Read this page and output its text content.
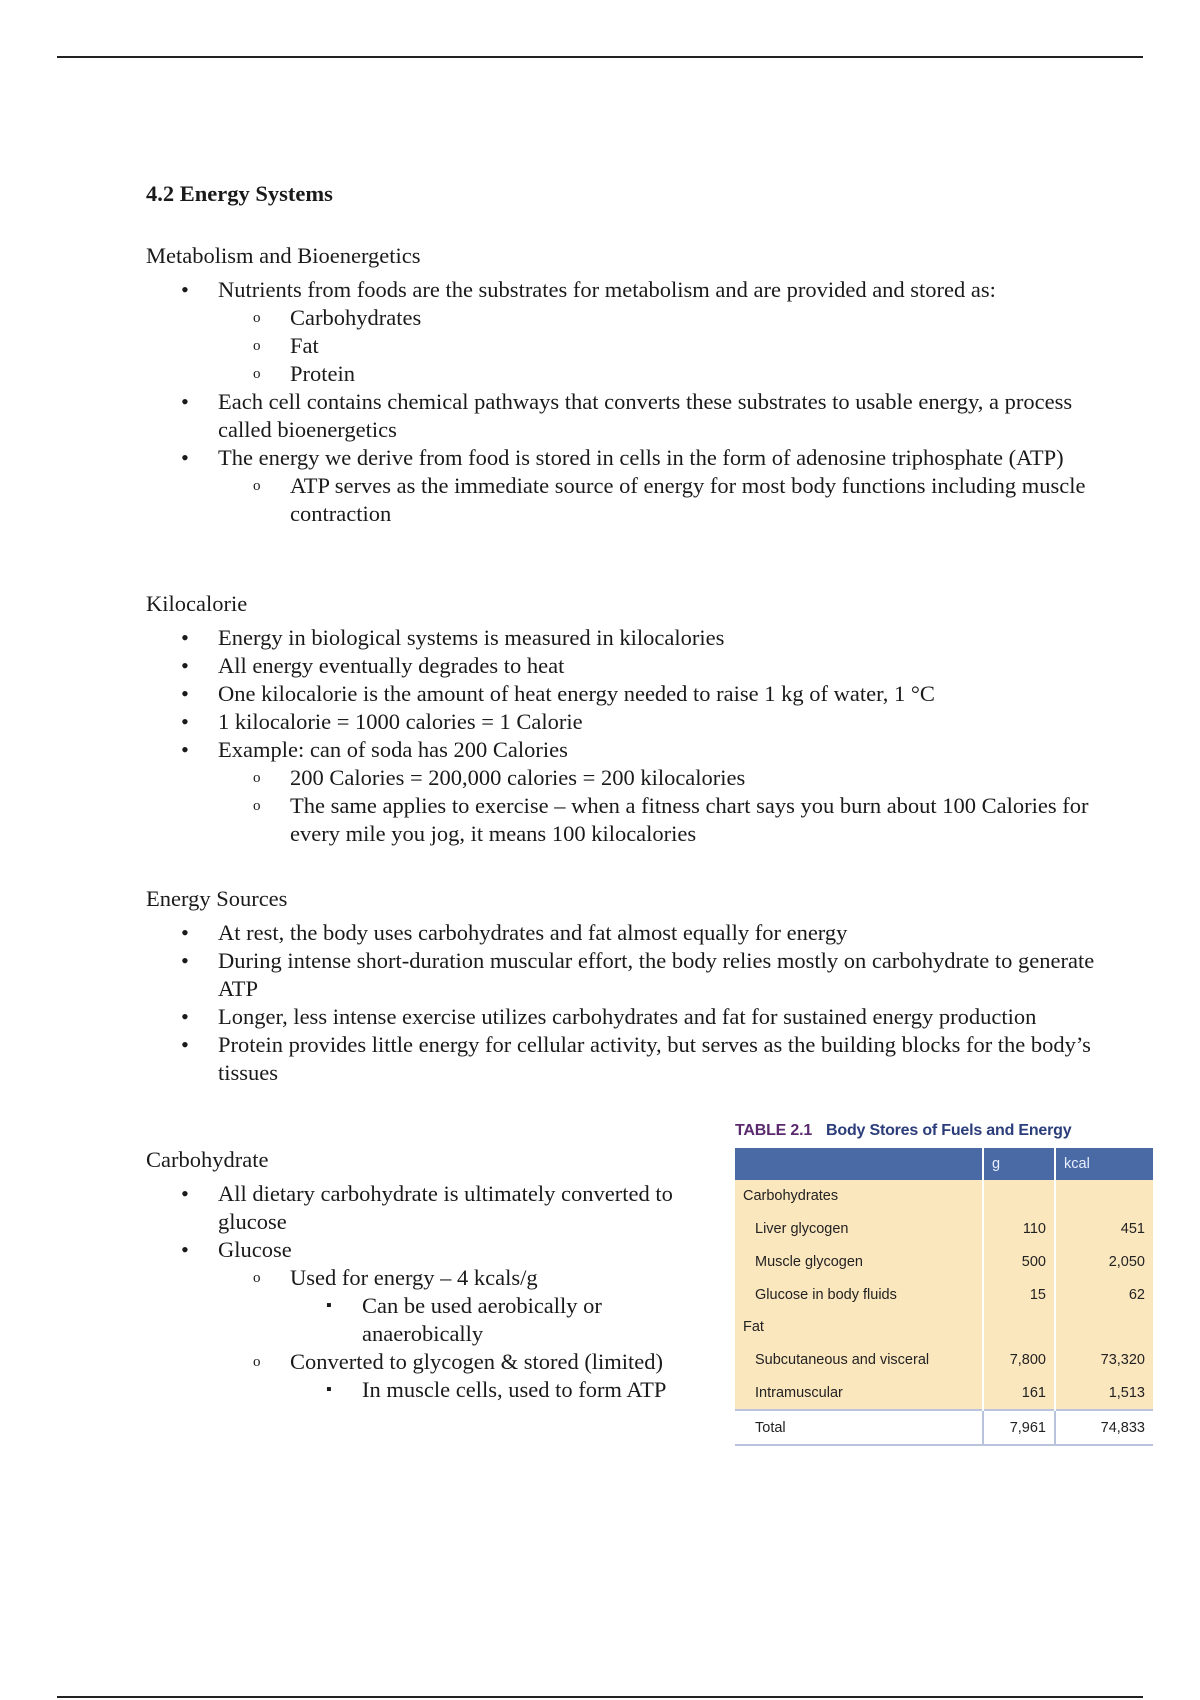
4.2 Energy Systems

Metabolism and Bioenergetics

• Nutrients from foods are the substrates for metabolism and are provided and stored as:
o Carbohydrates
o Fat
o Protein
• Each cell contains chemical pathways that converts these substrates to usable energy, a process called bioenergetics
• The energy we derive from food is stored in cells in the form of adenosine triphosphate (ATP)
o ATP serves as the immediate source of energy for most body functions including muscle contraction

Kilocalorie

• Energy in biological systems is measured in kilocalories
• All energy eventually degrades to heat
• One kilocalorie is the amount of heat energy needed to raise 1 kg of water, 1 °C
• 1 kilocalorie = 1000 calories = 1 Calorie
• Example: can of soda has 200 Calories
o 200 Calories = 200,000 calories = 200 kilocalories
o The same applies to exercise – when a fitness chart says you burn about 100 Calories for every mile you jog, it means 100 kilocalories

Energy Sources

• At rest, the body uses carbohydrates and fat almost equally for energy
• During intense short-duration muscular effort, the body relies mostly on carbohydrate to generate ATP
• Longer, less intense exercise utilizes carbohydrates and fat for sustained energy production
• Protein provides little energy for cellular activity, but serves as the building blocks for the body’s tissues

Carbohydrate

• All dietary carbohydrate is ultimately converted to glucose
• Glucose
o Used for energy – 4 kcals/g
▪ Can be used aerobically or anaerobically
o Converted to glycogen & stored (limited)
▪ In muscle cells, used to form ATP
TABLE 2.1 Body Stores of Fuels and Energy
	g	kcal
Carbohydrates		
Liver glycogen	110	451
Muscle glycogen	500	2,050
Glucose in body fluids	15	62
Fat		
Subcutaneous and visceral	7,800	73,320
Intramuscular	161	1,513
Total	7,961	74,833
